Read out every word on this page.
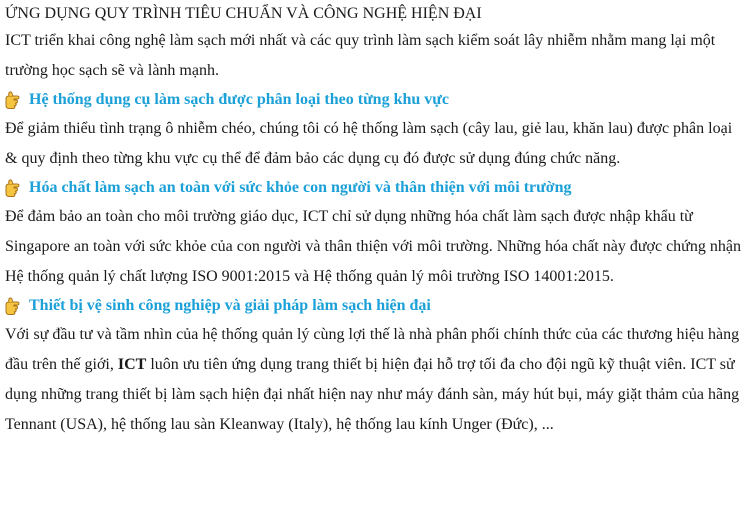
ỨNG DỤNG QUY TRÌNH TIÊU CHUẨN VÀ CÔNG NGHỆ HIỆN ĐẠI

ICT triển khai công nghệ làm sạch mới nhất và các quy trình làm sạch kiểm soát lây nhiễm nhằm mang lại một trường học sạch sẽ và lành mạnh.

Hệ thống dụng cụ làm sạch được phân loại theo từng khu vực

Để giảm thiểu tình trạng ô nhiễm chéo, chúng tôi có hệ thống làm sạch (cây lau, giẻ lau, khăn lau) được phân loại & quy định theo từng khu vực cụ thể để đảm bảo các dụng cụ đó được sử dụng đúng chức năng.

Hóa chất làm sạch an toàn với sức khỏe con người và thân thiện với môi trường

Để đảm bảo an toàn cho môi trường giáo dục, ICT chỉ sử dụng những hóa chất làm sạch được nhập khẩu từ Singapore an toàn với sức khỏe của con người và thân thiện với môi trường. Những hóa chất này được chứng nhận Hệ thống quản lý chất lượng ISO 9001:2015 và Hệ thống quản lý môi trường ISO 14001:2015.

Thiết bị vệ sinh công nghiệp và giải pháp làm sạch hiện đại

Với sự đầu tư và tầm nhìn của hệ thống quản lý cùng lợi thế là nhà phân phối chính thức của các thương hiệu hàng đầu trên thế giới, ICT luôn ưu tiên ứng dụng trang thiết bị hiện đại hỗ trợ tối đa cho đội ngũ kỹ thuật viên. ICT sử dụng những trang thiết bị làm sạch hiện đại nhất hiện nay như máy đánh sàn, máy hút bụi, máy giặt thảm của hãng Tennant (USA), hệ thống lau sàn Kleanway (Italy), hệ thống lau kính Unger (Đức), ...
